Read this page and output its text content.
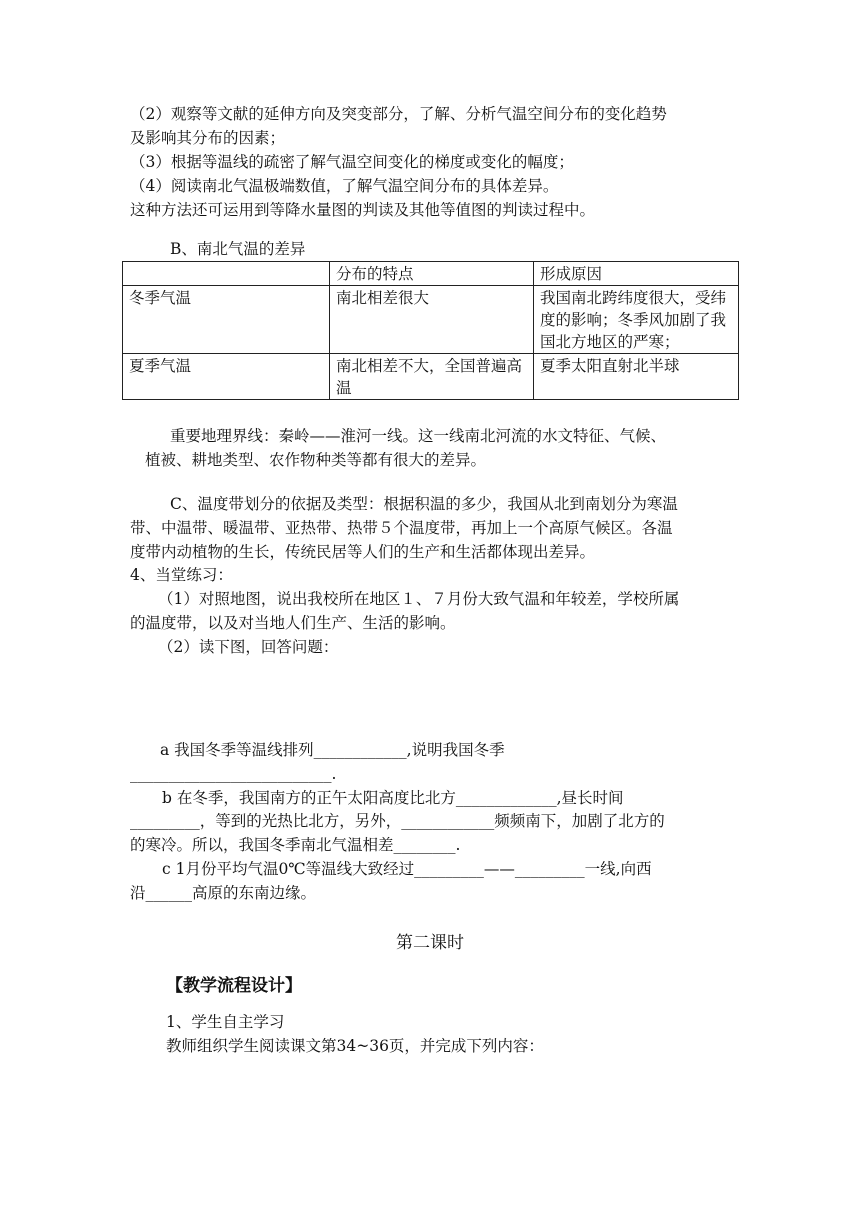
（2）观察等文献的延伸方向及突变部分，了解、分析气温空间分布的变化趋势
及影响其分布的因素；
（3）根据等温线的疏密了解气温空间变化的梯度或变化的幅度；
（4）阅读南北气温极端数值，了解气温空间分布的具体差异。
这种方法还可运用到等降水量图的判读及其他等值图的判读过程中。
B、南北气温的差异
	分布的特点	形成原因
冬季气温	南北相差很大	我国南北跨纬度很大，受纬度的影响；冬季风加剧了我国北方地区的严寒；
夏季气温	南北相差不大，全国普遍高温	夏季太阳直射北半球
重要地理界线：秦岭——淮河一线。这一线南北河流的水文特征、气候、
植被、耕地类型、农作物种类等都有很大的差异。
C、温度带划分的依据及类型：根据积温的多少，我国从北到南划分为寒温
带、中温带、暖温带、亚热带、热带５个温度带，再加上一个高原气候区。各温
度带内动植物的生长，传统民居等人们的生产和生活都体现出差异。
4、当堂练习：
（1）对照地图，说出我校所在地区１、７月份大致气温和年较差，学校所属
的温度带，以及对当地人们生产、生活的影响。
（2）读下图，回答问题：
a 我国冬季等温线排列____________,说明我国冬季
__________________________.
b 在冬季，我国南方的正午太阳高度比北方_____________,昼长时间
_________，等到的光热比北方，另外，____________频频南下，加剧了北方的
的寒冷。所以，我国冬季南北气温相差________.
c 1月份平均气温0℃等温线大致经过_________——_________一线,向西
沿______高原的东南边缘。
第二课时
【教学流程设计】
1、学生自主学习
教师组织学生阅读课文第34~36页，并完成下列内容：
